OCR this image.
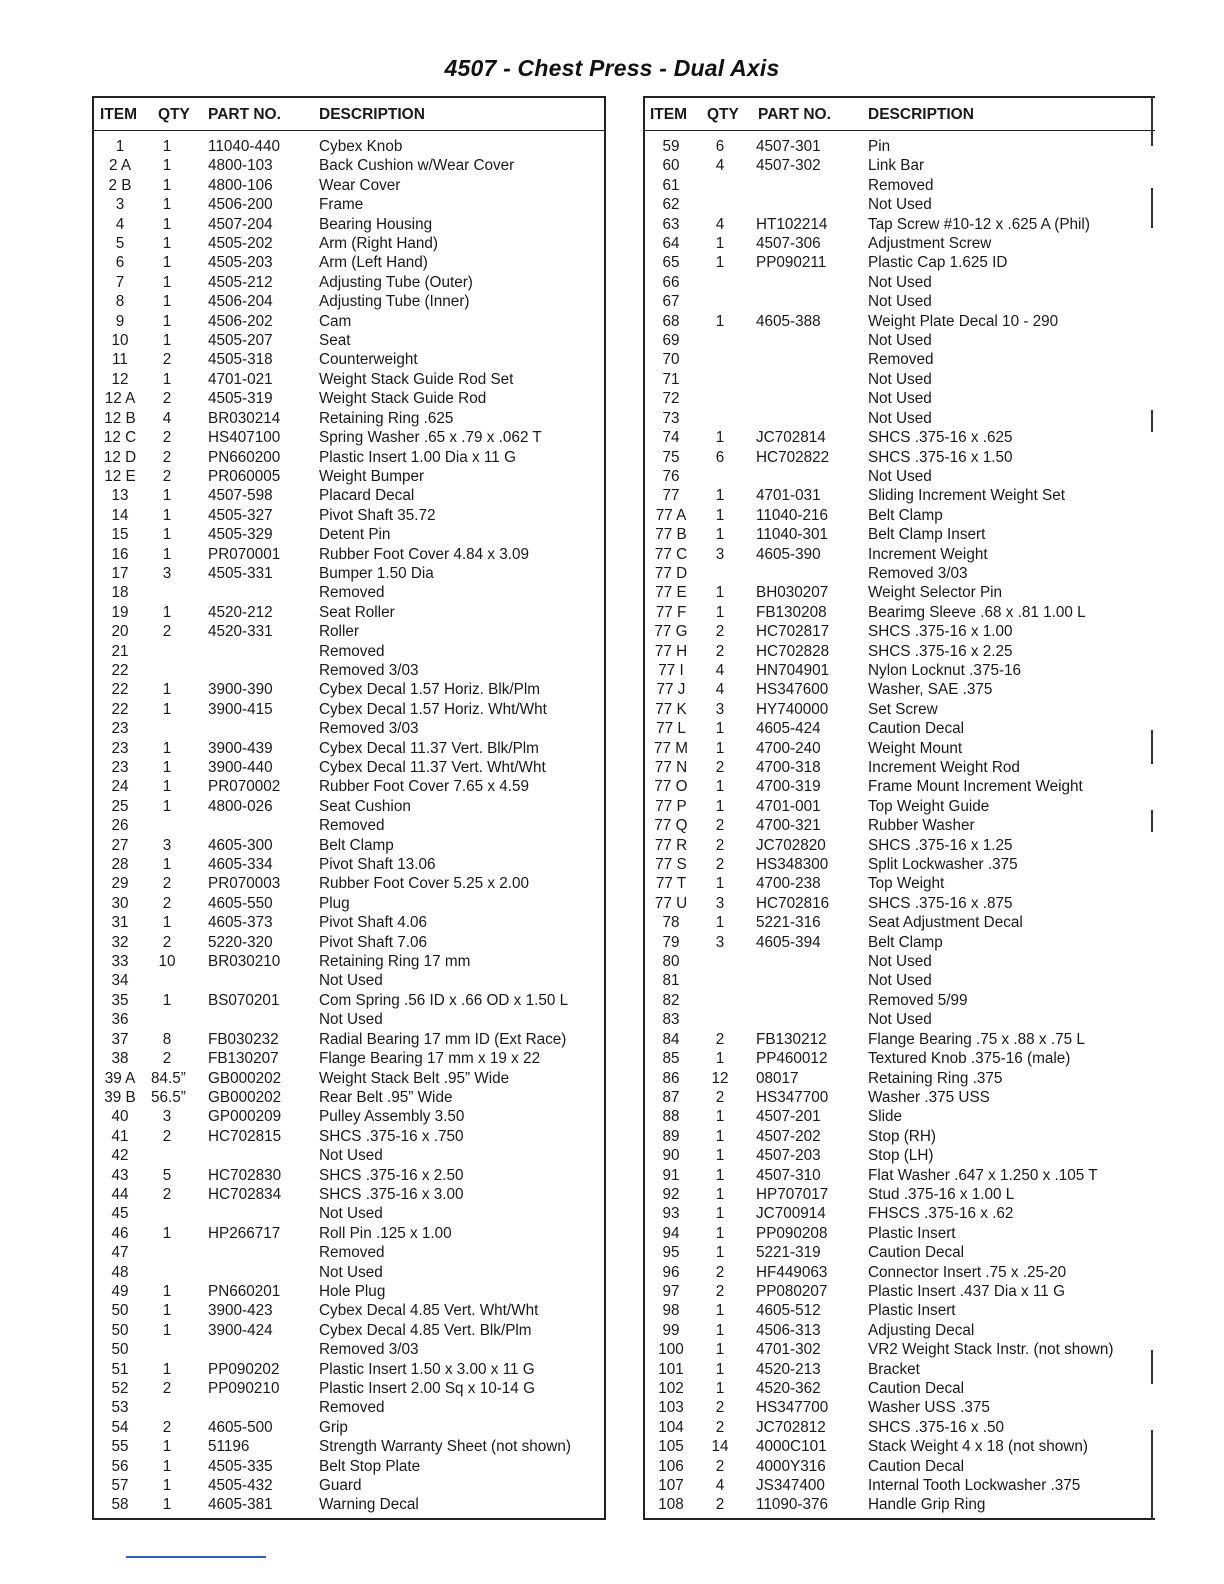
4507 - Chest Press - Dual Axis
ITEM QTY PART NO. DESCRIPTION
1	1	11040-440	Cybex Knob
2 A	1	4800-103	Back Cushion w/Wear Cover
2 B	1	4800-106	Wear Cover
3	1	4506-200	Frame
4	1	4507-204	Bearing Housing
5	1	4505-202	Arm (Right Hand)
6	1	4505-203	Arm (Left Hand)
7	1	4505-212	Adjusting Tube (Outer)
8	1	4506-204	Adjusting Tube (Inner)
9	1	4506-202	Cam
10	1	4505-207	Seat
11	2	4505-318	Counterweight
12	1	4701-021	Weight Stack Guide Rod Set
12 A	2	4505-319	Weight Stack Guide Rod
12 B	4	BR030214	Retaining Ring .625
12 C	2	HS407100	Spring Washer .65 x .79 x .062 T
12 D	2	PN660200	Plastic Insert 1.00 Dia x 11 G
12 E	2	PR060005	Weight Bumper
13	1	4507-598	Placard Decal
14	1	4505-327	Pivot Shaft 35.72
15	1	4505-329	Detent Pin
16	1	PR070001	Rubber Foot Cover 4.84 x 3.09
17	3	4505-331	Bumper 1.50 Dia
18	Removed
19	1	4520-212	Seat Roller
20	2	4520-331	Roller
21	Removed
22	Removed 3/03
22	1	3900-390	Cybex Decal 1.57 Horiz. Blk/Plm
22	1	3900-415	Cybex Decal 1.57 Horiz. Wht/Wht
23	Removed 3/03
23	1	3900-439	Cybex Decal 11.37 Vert. Blk/Plm
23	1	3900-440	Cybex Decal 11.37 Vert. Wht/Wht
24	1	PR070002	Rubber Foot Cover 7.65 x 4.59
25	1	4800-026	Seat Cushion
26	Removed
27	3	4605-300	Belt Clamp
28	1	4605-334	Pivot Shaft 13.06
29	2	PR070003	Rubber Foot Cover 5.25 x 2.00
30	2	4605-550	Plug
31	1	4605-373	Pivot Shaft 4.06
32	2	5220-320	Pivot Shaft 7.06
33	10	BR030210	Retaining Ring 17 mm
34	Not Used
35	1	BS070201	Com Spring .56 ID x .66 OD x 1.50 L
36	Not Used
37	8	FB030232	Radial Bearing 17 mm ID (Ext Race)
38	2	FB130207	Flange Bearing 17 mm x 19 x 22
39 A	84.5” GB000202 Weight Stack Belt .95” Wide
39 B 56.5” GB000202 Rear Belt .95” Wide
40	3	GP000209 Pulley Assembly 3.50
41	2	HC702815 SHCS .375-16 x .750
42	Not Used
43	5	HC702830 SHCS .375-16 x 2.50
44	2	HC702834 SHCS .375-16 x 3.00
45	Not Used
46	1	HP266717	Roll Pin .125 x 1.00
47	Removed
48	Not Used
49	1	PN660201	Hole Plug
50	1	3900-423	Cybex Decal 4.85 Vert. Wht/Wht
50	1	3900-424	Cybex Decal 4.85 Vert. Blk/Plm
50	Removed 3/03
51	1	PP090202	Plastic Insert 1.50 x 3.00 x 11 G
52	2	PP090210	Plastic Insert 2.00 Sq x 10-14 G
53	Removed
54	2	4605-500	Grip
55	1	51196	Strength Warranty Sheet (not shown)
56	1	4505-335	Belt Stop Plate
57	1	4505-432	Guard
58	1	4605-381	Warning Decal
ITEM QTY PART NO. DESCRIPTION
59	6	4507-301	Pin
60	4	4507-302	Link Bar
61	Removed
62	Not Used
63	4	HT102214	Tap Screw #10-12 x .625 A (Phil)
64	1	4507-306	Adjustment Screw
65	1	PP090211	Plastic Cap 1.625 ID
66	Not Used
67	Not Used
68	1	4605-388	Weight Plate Decal 10 - 290
69	Not Used
70	Removed
71	Not Used
72	Not Used
73	Not Used
74	1	JC702814	SHCS .375-16 x .625
75	6	HC702822	SHCS .375-16 x 1.50
76	Not Used
77	1	4701-031	Sliding Increment Weight Set
77 A	1	11040-216	Belt Clamp
77 B	1	11040-301	Belt Clamp Insert
77 C	3	4605-390	Increment Weight
77 D	Removed 3/03
77 E	1	BH030207	Weight Selector Pin
77 F	1	FB130208	Bearimg Sleeve .68 x .81 1.00 L
77 G	2	HC702817	SHCS .375-16 x 1.00
77 H	2	HC702828	SHCS .375-16 x 2.25
77 I	4	HN704901	Nylon Locknut .375-16
77 J	4	HS347600	Washer, SAE .375
77 K	3	HY740000	Set Screw
77 L	1	4605-424	Caution Decal
77 M	1	4700-240	Weight Mount
77 N	2	4700-318	Increment Weight Rod
77 O	1	4700-319	Frame Mount Increment Weight
77 P	1	4701-001	Top Weight Guide
77 Q	2	4700-321	Rubber Washer
77 R	2	JC702820	SHCS .375-16 x 1.25
77 S	2	HS348300	Split Lockwasher .375
77 T	1	4700-238	Top Weight
77 U	3	HC702816	SHCS .375-16 x .875
78	1	5221-316	Seat Adjustment Decal
79	3	4605-394	Belt Clamp
80	Not Used
81	Not Used
82	Removed 5/99
83	Not Used
84	2	FB130212	Flange Bearing .75 x .88 x .75 L
85	1	PP460012	Textured Knob .375-16 (male)
86	12	08017	Retaining Ring .375
87	2	HS347700	Washer .375 USS
88	1	4507-201	Slide
89	1	4507-202	Stop (RH)
90	1	4507-203	Stop (LH)
91	1	4507-310	Flat Washer .647 x 1.250 x .105 T
92	1	HP707017	Stud .375-16 x 1.00 L
93	1	JC700914	FHSCS .375-16 x .62
94	1	PP090208	Plastic Insert
95	1	5221-319	Caution Decal
96	2	HF449063	Connector Insert .75 x .25-20
97	2	PP080207	Plastic Insert .437 Dia x 11 G
98	1	4605-512	Plastic Insert
99	1	4506-313	Adjusting Decal
100	1	4701-302	VR2 Weight Stack Instr. (not shown)
101	1	4520-213	Bracket
102	1	4520-362	Caution Decal
103	2	HS347700	Washer USS .375
104	2	JC702812	SHCS .375-16 x .50
105	14	4000C101	Stack Weight 4 x 18 (not shown)
106	2	4000Y316	Caution Decal
107	4	JS347400	Internal Tooth Lockwasher .375
108	2	11090-376	Handle Grip Ring
